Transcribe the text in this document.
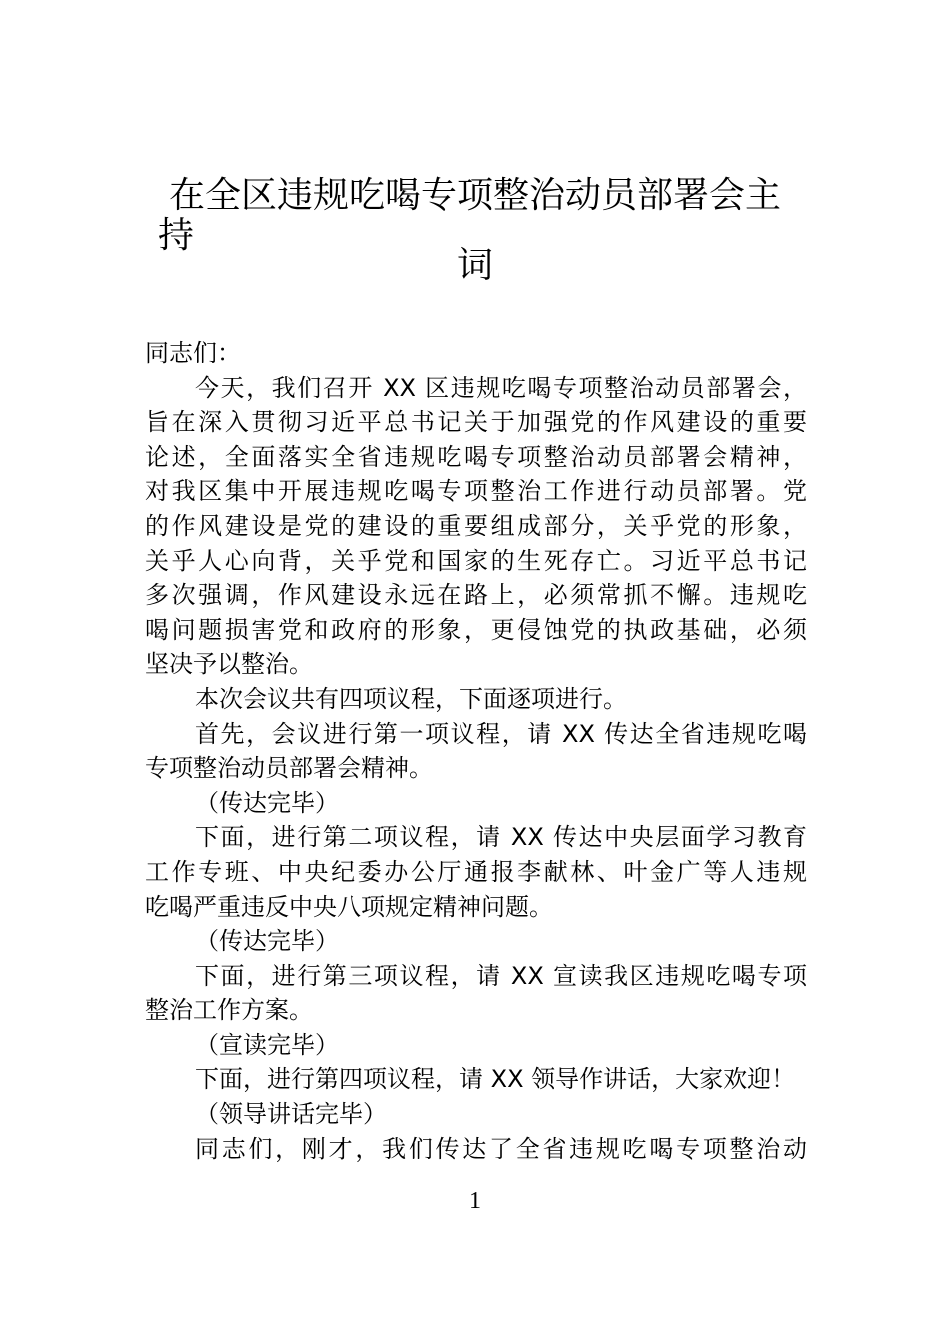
在全区违规吃喝专项整治动员部署会主持
词
同志们：
今天，我们召开 XX 区违规吃喝专项整治动员部署会，
旨在深入贯彻习近平总书记关于加强党的作风建设的重要
论述，全面落实全省违规吃喝专项整治动员部署会精神，
对我区集中开展违规吃喝专项整治工作进行动员部署。党
的作风建设是党的建设的重要组成部分，关乎党的形象，
关乎人心向背，关乎党和国家的生死存亡。习近平总书记
多次强调，作风建设永远在路上，必须常抓不懈。违规吃
喝问题损害党和政府的形象，更侵蚀党的执政基础，必须
坚决予以整治。
本次会议共有四项议程，下面逐项进行。
首先，会议进行第一项议程，请 XX 传达全省违规吃喝
专项整治动员部署会精神。
（传达完毕）
下面，进行第二项议程，请 XX 传达中央层面学习教育
工作专班、中央纪委办公厅通报李献林、叶金广等人违规
吃喝严重违反中央八项规定精神问题。
（传达完毕）
下面，进行第三项议程，请 XX 宣读我区违规吃喝专项
整治工作方案。
（宣读完毕）
下面，进行第四项议程，请 XX 领导作讲话，大家欢迎！
（领导讲话完毕）
同志们，刚才，我们传达了全省违规吃喝专项整治动
1
